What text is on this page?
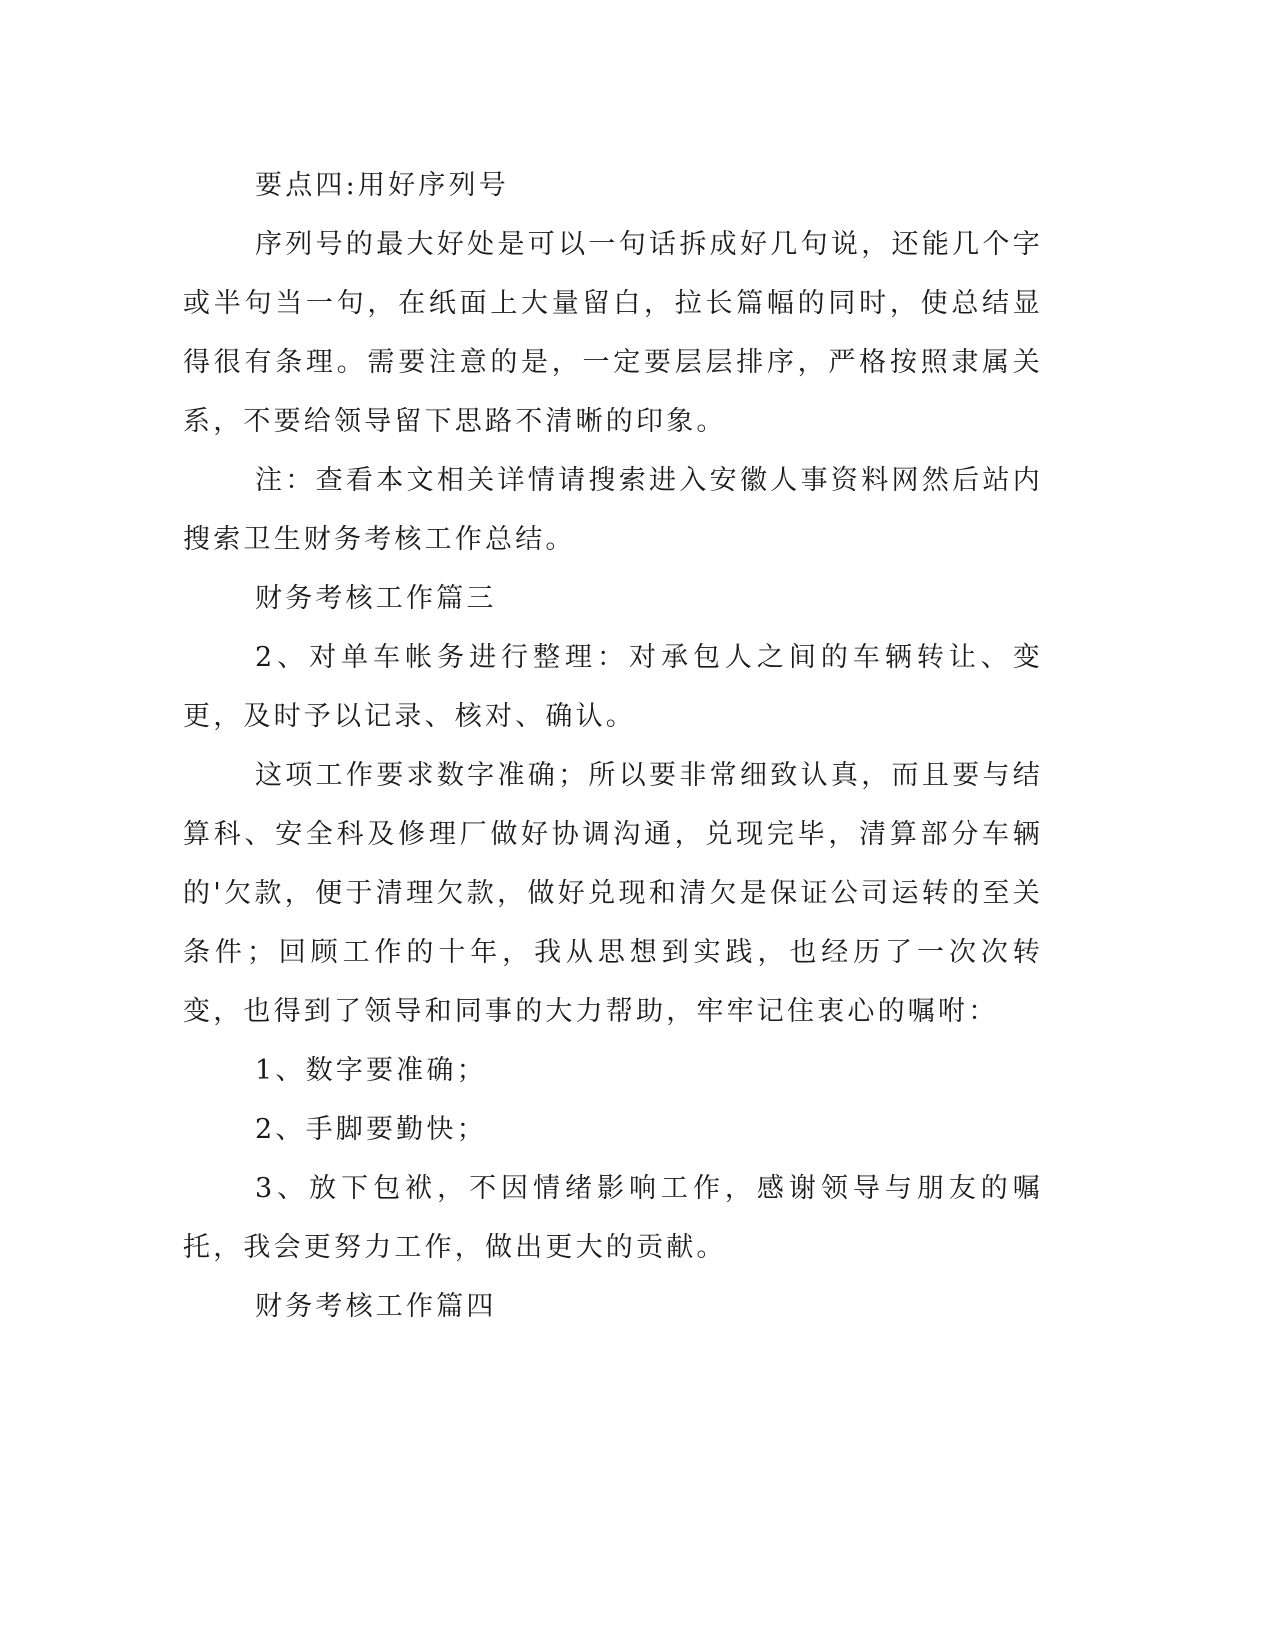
要点四:用好序列号

序列号的最大好处是可以一句话拆成好几句说，还能几个字或半句当一句，在纸面上大量留白，拉长篇幅的同时，使总结显得很有条理。需要注意的是，一定要层层排序，严格按照隶属关系，不要给领导留下思路不清晰的印象。

注：查看本文相关详情请搜索进入安徽人事资料网然后站内搜索卫生财务考核工作总结。

财务考核工作篇三

2、对单车帐务进行整理：对承包人之间的车辆转让、变更，及时予以记录、核对、确认。

这项工作要求数字准确；所以要非常细致认真，而且要与结算科、安全科及修理厂做好协调沟通，兑现完毕，清算部分车辆的'欠款，便于清理欠款，做好兑现和清欠是保证公司运转的至关条件；回顾工作的十年，我从思想到实践，也经历了一次次转变，也得到了领导和同事的大力帮助，牢牢记住衷心的嘱咐：

1、数字要准确；

2、手脚要勤快；

3、放下包袱，不因情绪影响工作，感谢领导与朋友的嘱托，我会更努力工作，做出更大的贡献。

财务考核工作篇四
